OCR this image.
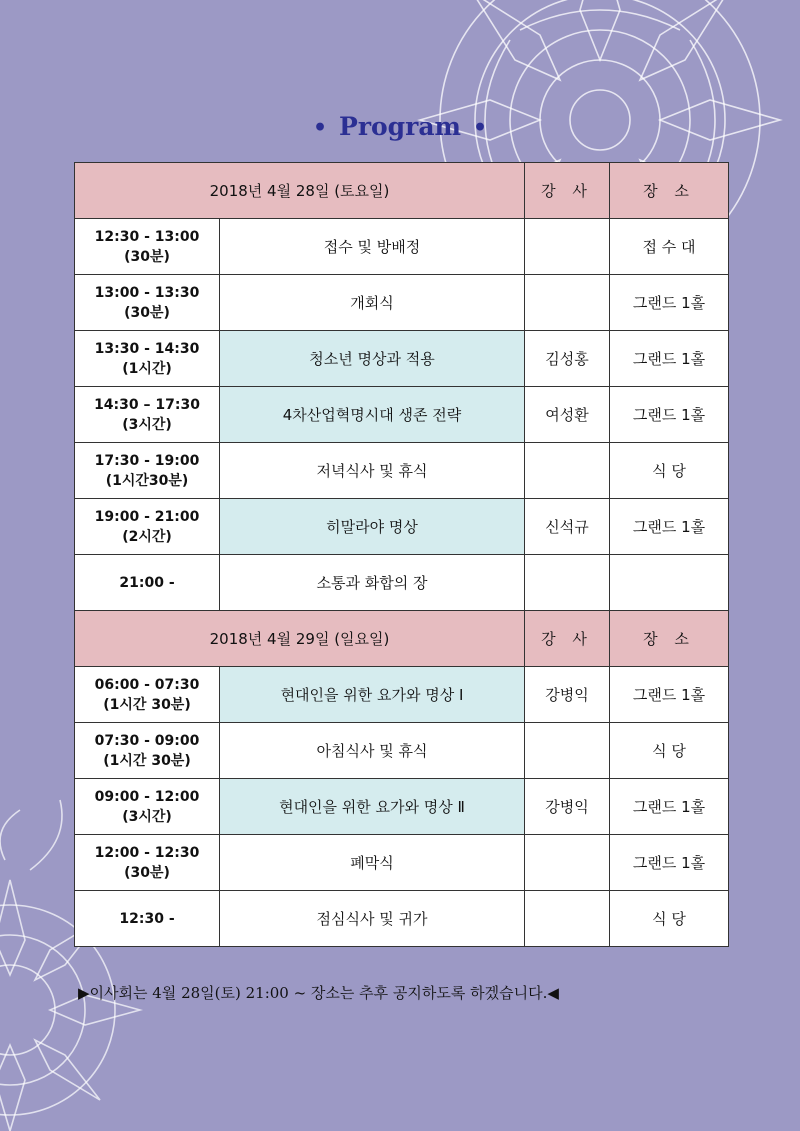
• Program •
2018년 4월 28일 (토요일)		강 사	장 소

12:30 - 13:00
(30분)	접수 및 방배정		접 수 대

13:00 - 13:30
(30분)	개회식		그랜드 1홀

13:30 - 14:30
(1시간)	청소년 명상과 적용	김성홍	그랜드 1홀

14:30 – 17:30
(3시간)	4차산업혁명시대 생존 전략	여성환	그랜드 1홀

17:30 - 19:00
(1시간30분)	저녁식사 및 휴식		식 당

19:00 - 21:00
(2시간)	히말라야 명상	신석규	그랜드 1홀

21:00 -	소통과 화합의 장		
2018년 4월 29일 (일요일)		강 사	장 소

06:00 - 07:30
(1시간 30분)	현대인을 위한 요가와 명상 Ⅰ	강병익	그랜드 1홀

07:30 - 09:00
(1시간 30분)	아침식사 및 휴식		식 당

09:00 - 12:00
(3시간)	현대인을 위한 요가와 명상 Ⅱ	강병익	그랜드 1홀

12:00 - 12:30
(30분)	폐막식		그랜드 1홀

12:30 -	점심식사 및 귀가		식 당
▶이사회는 4월 28일(토) 21:00 ~ 장소는 추후 공지하도록 하겠습니다.◀
